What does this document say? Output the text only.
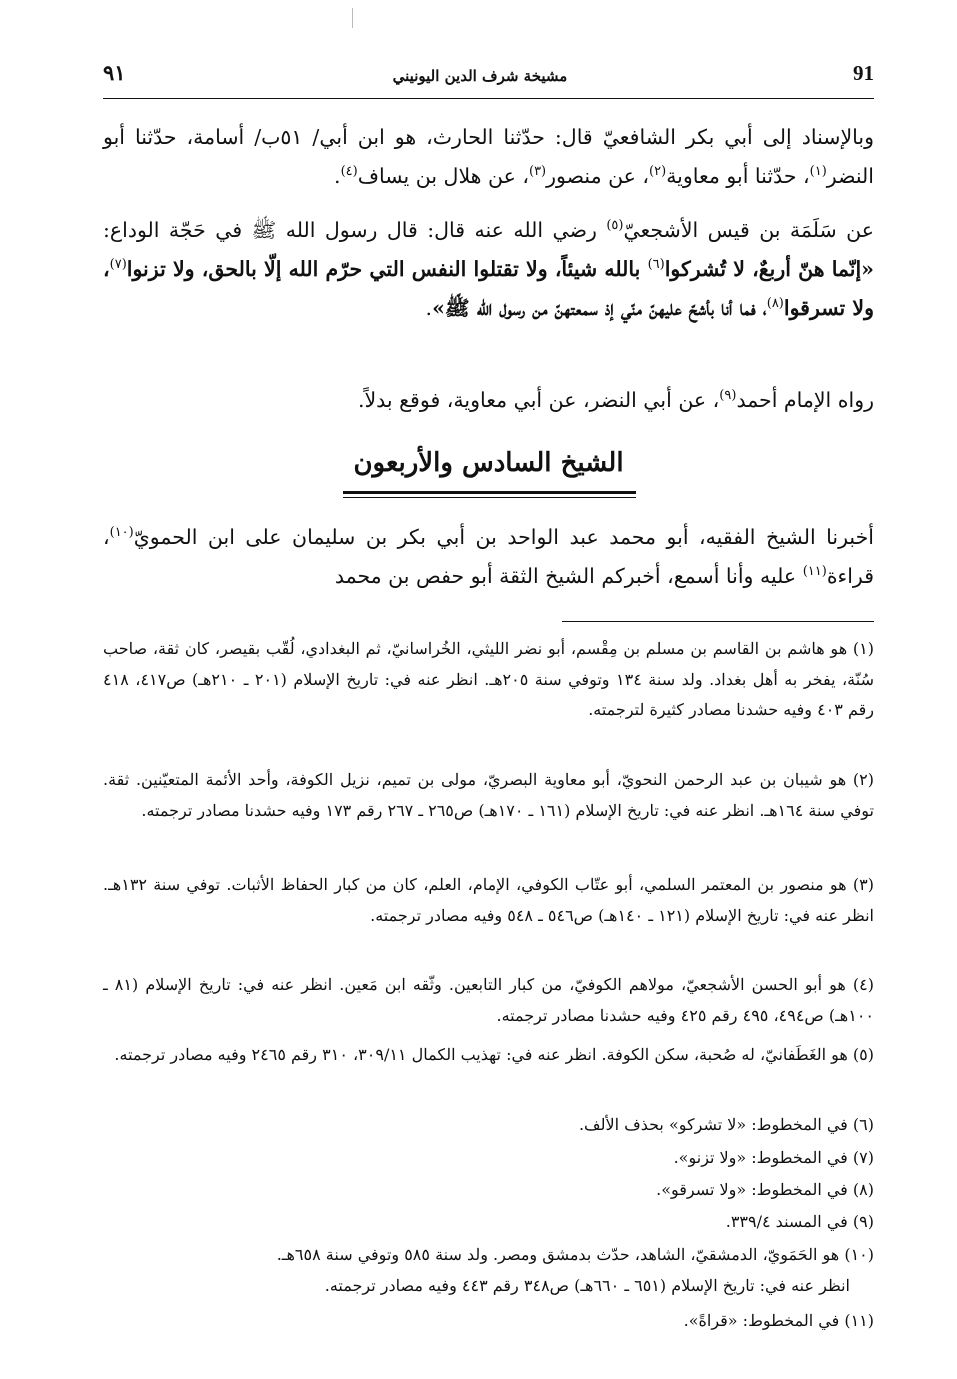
91
مشيخة شرف الدين اليونيني
٩١
وبالإسناد إلى أبي بكر الشافعيّ قال: حدّثنا الحارث، هو ابن أبي/ ٥١ب/ أسامة، حدّثنا أبو النضر$^{(١)}$، حدّثنا أبو معاوية$^{(٢)}$، عن منصور$^{(٣)}$، عن هلال بن يساف$^{(٤)}$.
عن سَلَمَة بن قيس الأشجعيّ$^{(٥)}$ رضي الله عنه قال: قال رسول الله ﷺ في حَجّة الوداع: «إنّما هنّ أربعٌ، لا تُشركوا$^{(٦)}$ بالله شيئاً، ولا تقتلوا النفس التي حرّم الله إلّا بالحق، ولا تزنوا$^{(٧)}$، ولا تسرقوا$^{(٨)}$، فما أنا بأشحّ عليهنّ منّي إذ سمعتهنّ من رسول الله ﷺ».
رواه الإمام أحمد$^{(٩)}$، عن أبي النضر، عن أبي معاوية، فوقع بدلاً.
الشيخ السادس والأربعون
أخبرنا الشيخ الفقيه، أبو محمد عبد الواحد بن أبي بكر بن سليمان على ابن الحمويّ$^{(١٠)}$، قراءة$^{(١١)}$ عليه وأنا أسمع، أخبركم الشيخ الثقة أبو حفص بن محمد
(١) هو هاشم بن القاسم بن مسلم بن مِقْسم، أبو نضر الليثي، الخُراسانيّ، ثم البغدادي، لُقّب بقيصر، كان ثقة، صاحب سُنّة، يفخر به أهل بغداد. ولد سنة ١٣٤ وتوفي سنة ٢٠٥هـ. انظر عنه في: تاريخ الإسلام (٢٠١ ـ ٢١٠هـ) ص٤١٧، ٤١٨ رقم ٤٠٣ وفيه حشدنا مصادر كثيرة لترجمته.
(٢) هو شيبان بن عبد الرحمن النحويّ، أبو معاوية البصريّ، مولى بن تميم، نزيل الكوفة، وأحد الأئمة المتعيّنين. ثقة. توفي سنة ١٦٤هـ. انظر عنه في: تاريخ الإسلام (١٦١ ـ ١٧٠هـ) ص٢٦٥ ـ ٢٦٧ رقم ١٧٣ وفيه حشدنا مصادر ترجمته.
(٣) هو منصور بن المعتمر السلمي، أبو عتّاب الكوفي، الإمام، العلم، كان من كبار الحفاظ الأثبات. توفي سنة ١٣٢هـ. انظر عنه في: تاريخ الإسلام (١٢١ ـ ١٤٠هـ) ص٥٤٦ ـ ٥٤٨ وفيه مصادر ترجمته.
(٤) هو أبو الحسن الأشجعيّ، مولاهم الكوفيّ، من كبار التابعين. وثّقه ابن مَعين. انظر عنه في: تاريخ الإسلام (٨١ ـ ١٠٠هـ) ص٤٩٤، ٤٩٥ رقم ٤٢٥ وفيه حشدنا مصادر ترجمته.
(٥) هو الغَطَفانيّ، له صُحبة، سكن الكوفة. انظر عنه في: تهذيب الكمال ٣٠٩/١١، ٣١٠ رقم ٢٤٦٥ وفيه مصادر ترجمته.
(٦) في المخطوط: «لا تشركو» بحذف الألف.
(٧) في المخطوط: «ولا تزنو».
(٨) في المخطوط: «ولا تسرقو».
(٩) في المسند ٣٣٩/٤.
(١٠) هو الحَمَويّ، الدمشقيّ، الشاهد، حدّث بدمشق ومصر. ولد سنة ٥٨٥ وتوفي سنة ٦٥٨هـ.
انظر عنه في: تاريخ الإسلام (٦٥١ ـ ٦٦٠هـ) ص٣٤٨ رقم ٤٤٣ وفيه مصادر ترجمته.
(١١) في المخطوط: «قراةً».
